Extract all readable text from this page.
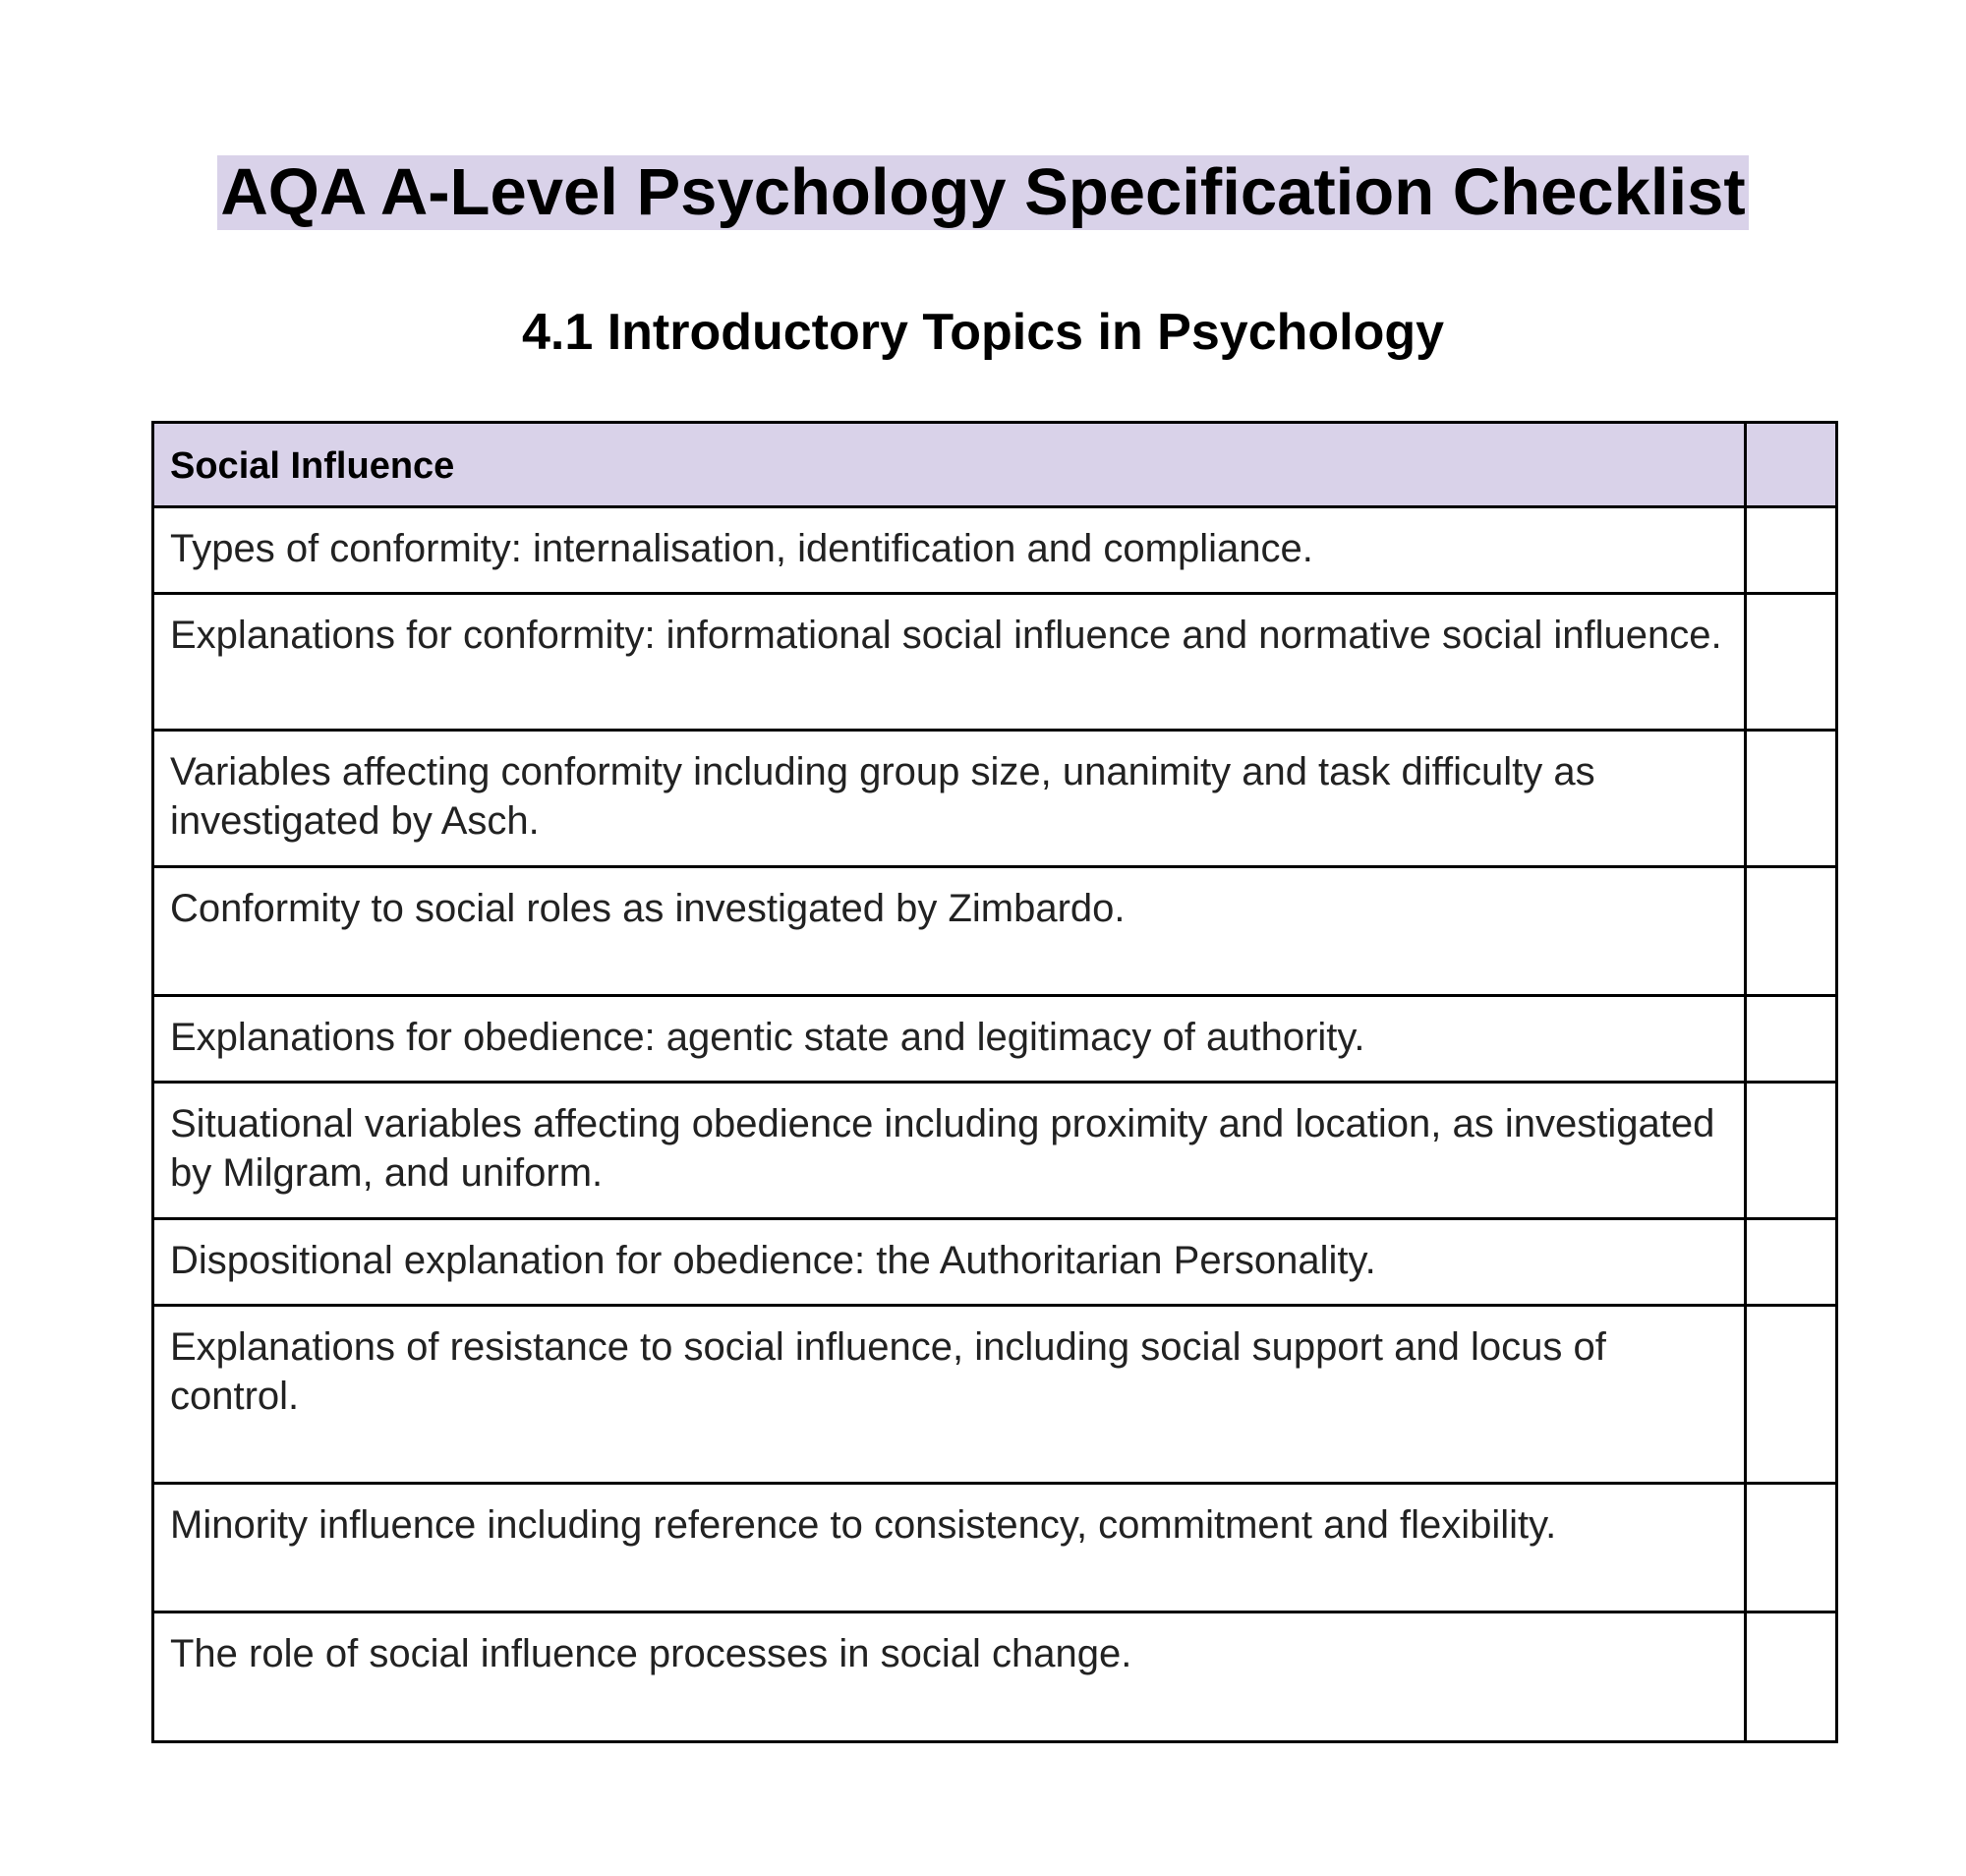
AQA A-Level Psychology Specification Checklist
4.1 Introductory Topics in Psychology
Social Influence	
Types of conformity: internalisation, identification and compliance.	
Explanations for conformity: informational social influence and normative social influence.	
Variables affecting conformity including group size, unanimity and task difficulty as investigated by Asch.	
Conformity to social roles as investigated by Zimbardo.	
Explanations for obedience: agentic state and legitimacy of authority.	
Situational variables affecting obedience including proximity and location, as investigated by Milgram, and uniform.	
Dispositional explanation for obedience: the Authoritarian Personality.	
Explanations of resistance to social influence, including social support and locus of control.	
Minority influence including reference to consistency, commitment and flexibility.	
The role of social influence processes in social change.	
